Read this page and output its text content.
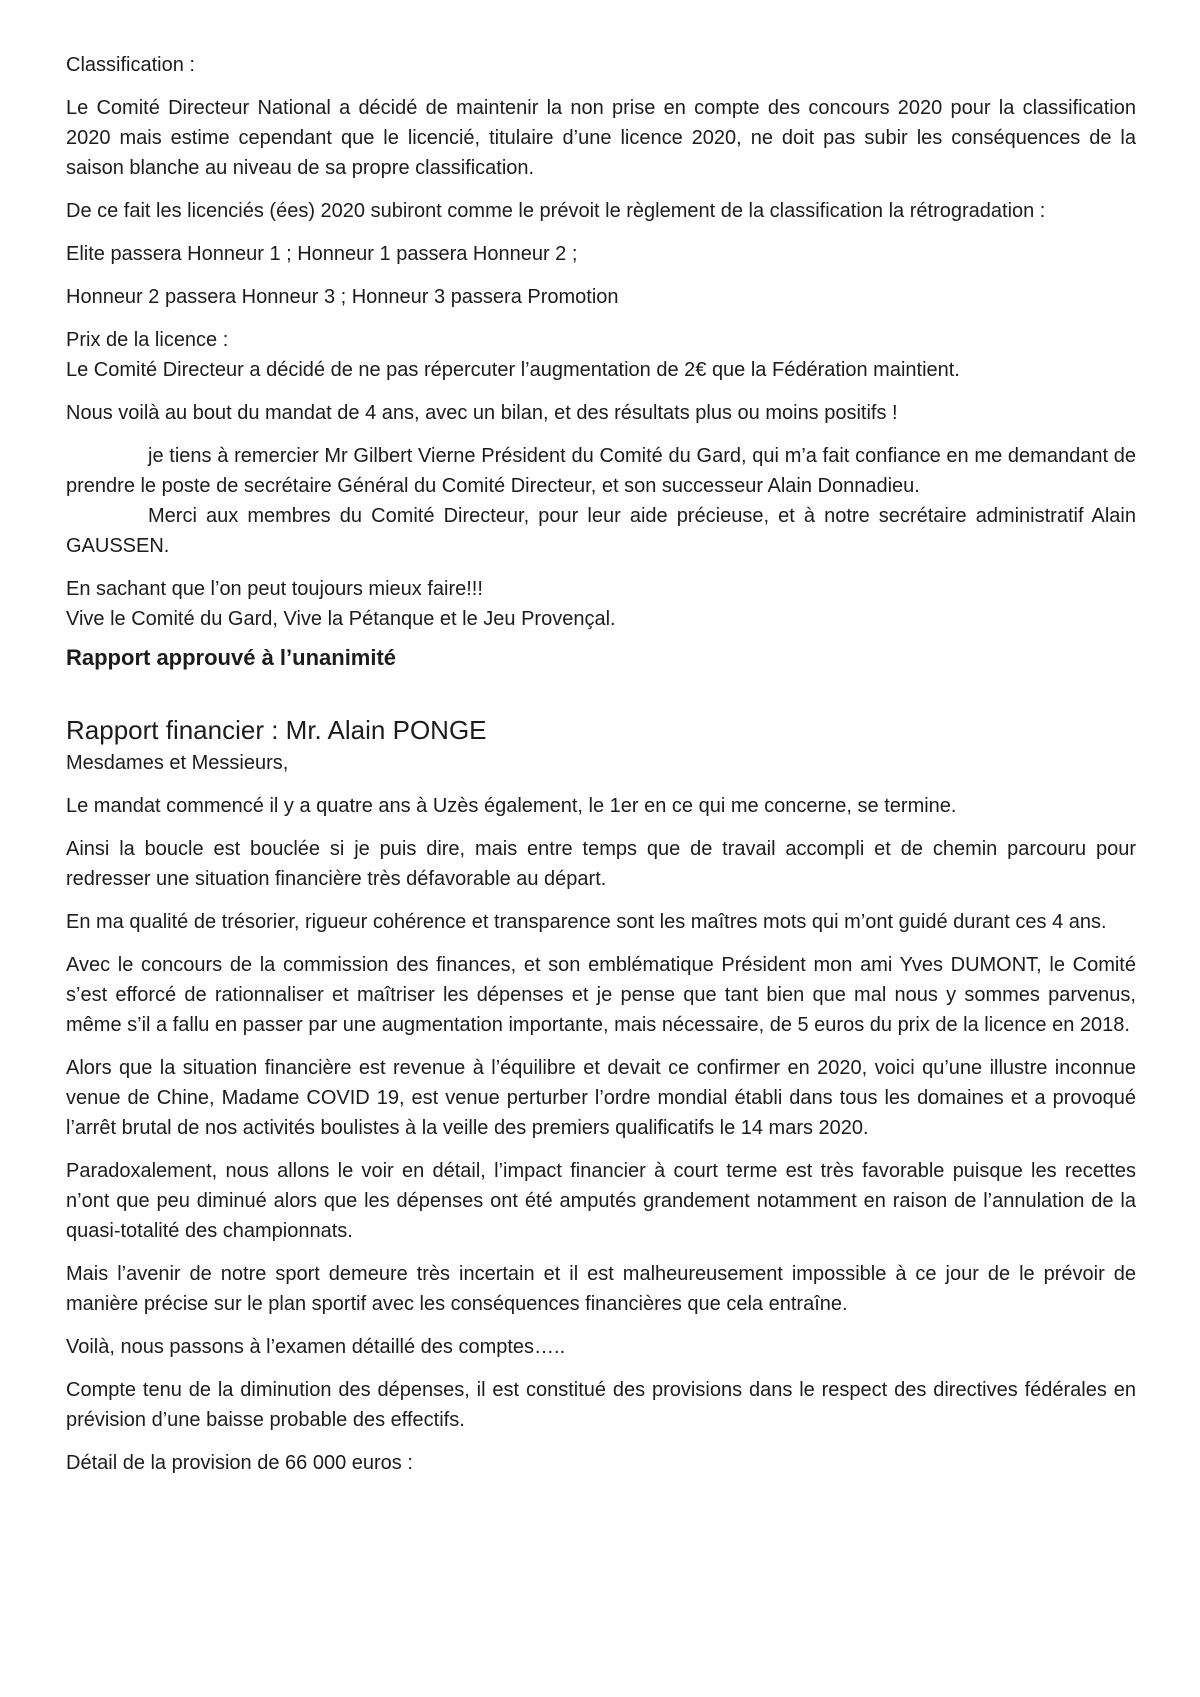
Classification :

Le Comité Directeur National a décidé de maintenir la non prise en compte des concours 2020 pour la classification 2020 mais estime cependant que le licencié, titulaire d’une licence 2020, ne doit pas subir les conséquences de la saison blanche au niveau de sa propre classification.

De ce fait les licenciés (ées) 2020 subiront comme le prévoit le règlement de la classification la rétrogradation :

Elite passera Honneur 1 ; Honneur 1 passera Honneur 2 ;

Honneur 2 passera Honneur 3 ; Honneur 3 passera Promotion

Prix de la licence :

Le Comité Directeur a décidé de ne pas répercuter l’augmentation de 2€ que la Fédération maintient.

Nous voilà au bout du mandat de 4 ans, avec un bilan, et des résultats plus ou moins positifs !

je tiens à remercier Mr Gilbert Vierne Président du Comité du Gard, qui m’a fait confiance en me demandant de prendre le poste de secrétaire Général du Comité Directeur, et son successeur Alain Donnadieu.

Merci aux membres du Comité Directeur, pour leur aide précieuse, et à notre secrétaire administratif Alain GAUSSEN.

En sachant que l’on peut toujours mieux faire!!!

Vive le Comité du Gard, Vive la Pétanque et le Jeu Provençal.

Rapport approuvé à l’unanimité

Rapport financier : Mr. Alain PONGE

Mesdames et Messieurs,

Le mandat commencé il y a quatre ans à Uzès également, le 1er en ce qui me concerne, se termine.

Ainsi la boucle est bouclée si je puis dire, mais entre temps que de travail accompli et de chemin parcouru pour redresser une situation financière très défavorable au départ.

En ma qualité de trésorier, rigueur cohérence et transparence sont les maîtres mots qui m’ont guidé durant ces 4 ans.

Avec le concours de la commission des finances, et son emblématique Président mon ami Yves DUMONT, le Comité s’est efforcé de rationnaliser et maîtriser les dépenses et je pense que tant bien que mal nous y sommes parvenus, même s’il a fallu en passer par une augmentation importante, mais nécessaire, de 5 euros du prix de la licence en 2018.

Alors que la situation financière est revenue à l’équilibre et devait ce confirmer en 2020, voici qu’une illustre inconnue venue de Chine, Madame COVID 19, est venue perturber l’ordre mondial établi dans tous les domaines et a provoqué l’arrêt brutal de nos activités boulistes à la veille des premiers qualificatifs le 14 mars 2020.

Paradoxalement, nous allons le voir en détail, l’impact financier à court terme est très favorable puisque les recettes n’ont que peu diminué alors que les dépenses ont été amputés grandement notamment en raison de l’annulation de la quasi-totalité des championnats.

Mais l’avenir de notre sport demeure très incertain et il est malheureusement impossible à ce jour de le prévoir de manière précise sur le plan sportif avec les conséquences financières que cela entraîne.

Voilà, nous passons à l’examen détaillé des comptes…..

Compte tenu de la diminution des dépenses, il est constitué des provisions dans le respect des directives fédérales en prévision d’une baisse probable des effectifs.

Détail de la provision de 66 000 euros :
